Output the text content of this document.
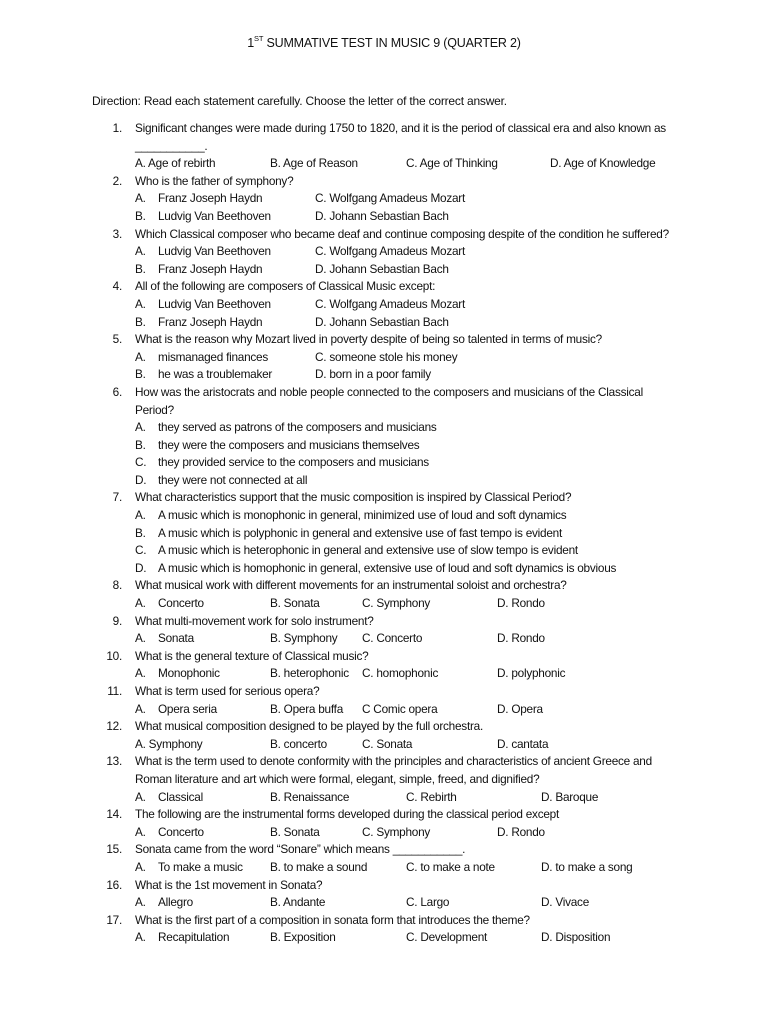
1ST SUMMATIVE TEST IN MUSIC 9 (QUARTER 2)
Direction: Read each statement carefully. Choose the letter of the correct answer.
1. Significant changes were made during 1750 to 1820, and it is the period of classical era and also known as
___________.
A. Age of rebirth	B. Age of Reason	C. Age of Thinking	D. Age of Knowledge
2. Who is the father of symphony?
A. Franz Joseph Haydn	C. Wolfgang Amadeus Mozart
B. Ludvig Van Beethoven	D. Johann Sebastian Bach
3. Which Classical composer who became deaf and continue composing despite of the condition he suffered?
A. Ludvig Van Beethoven	C. Wolfgang Amadeus Mozart
B. Franz Joseph Haydn	D. Johann Sebastian Bach
4. All of the following are composers of Classical Music except:
A. Ludvig Van Beethoven	C. Wolfgang Amadeus Mozart
B. Franz Joseph Haydn	D. Johann Sebastian Bach
5. What is the reason why Mozart lived in poverty despite of being so talented in terms of music?
A. mismanaged finances	C. someone stole his money
B. he was a troublemaker	D. born in a poor family
6. How was the aristocrats and noble people connected to the composers and musicians of the Classical
Period?
A. they served as patrons of the composers and musicians
B. they were the composers and musicians themselves
C. they provided service to the composers and musicians
D. they were not connected at all
7. What characteristics support that the music composition is inspired by Classical Period?
A. A music which is monophonic in general, minimized use of loud and soft dynamics
B. A music which is polyphonic in general and extensive use of fast tempo is evident
C. A music which is heterophonic in general and extensive use of slow tempo is evident
D. A music which is homophonic in general, extensive use of loud and soft dynamics is obvious
8. What musical work with different movements for an instrumental soloist and orchestra?
A. Concerto	B. Sonata	C. Symphony	D. Rondo
9. What multi-movement work for solo instrument?
A. Sonata	B. Symphony C. Concerto	D. Rondo
10. What is the general texture of Classical music?
A. Monophonic	B. heterophonic C. homophonic	D. polyphonic
11. What is term used for serious opera?
A. Opera seria	B. Opera buffa C Comic opera	D. Opera
12. What musical composition designed to be played by the full orchestra.
A. Symphony	B. concerto	C. Sonata	D. cantata
13. What is the term used to denote conformity with the principles and characteristics of ancient Greece and
Roman literature and art which were formal, elegant, simple, freed, and dignified?
A. Classical	B. Renaissance	C. Rebirth	D. Baroque
14. The following are the instrumental forms developed during the classical period except
A. Concerto	B. Sonata	C. Symphony	D. Rondo
15. Sonata came from the word “Sonare” which means ___________.
A. To make a music B. to make a sound	C. to make a note	D. to make a song
16. What is the 1st movement in Sonata?
A. Allegro	B. Andante	C. Largo	D. Vivace
17. What is the first part of a composition in sonata form that introduces the theme?
A. Recapitulation	B. Exposition	C. Development	D. Disposition
